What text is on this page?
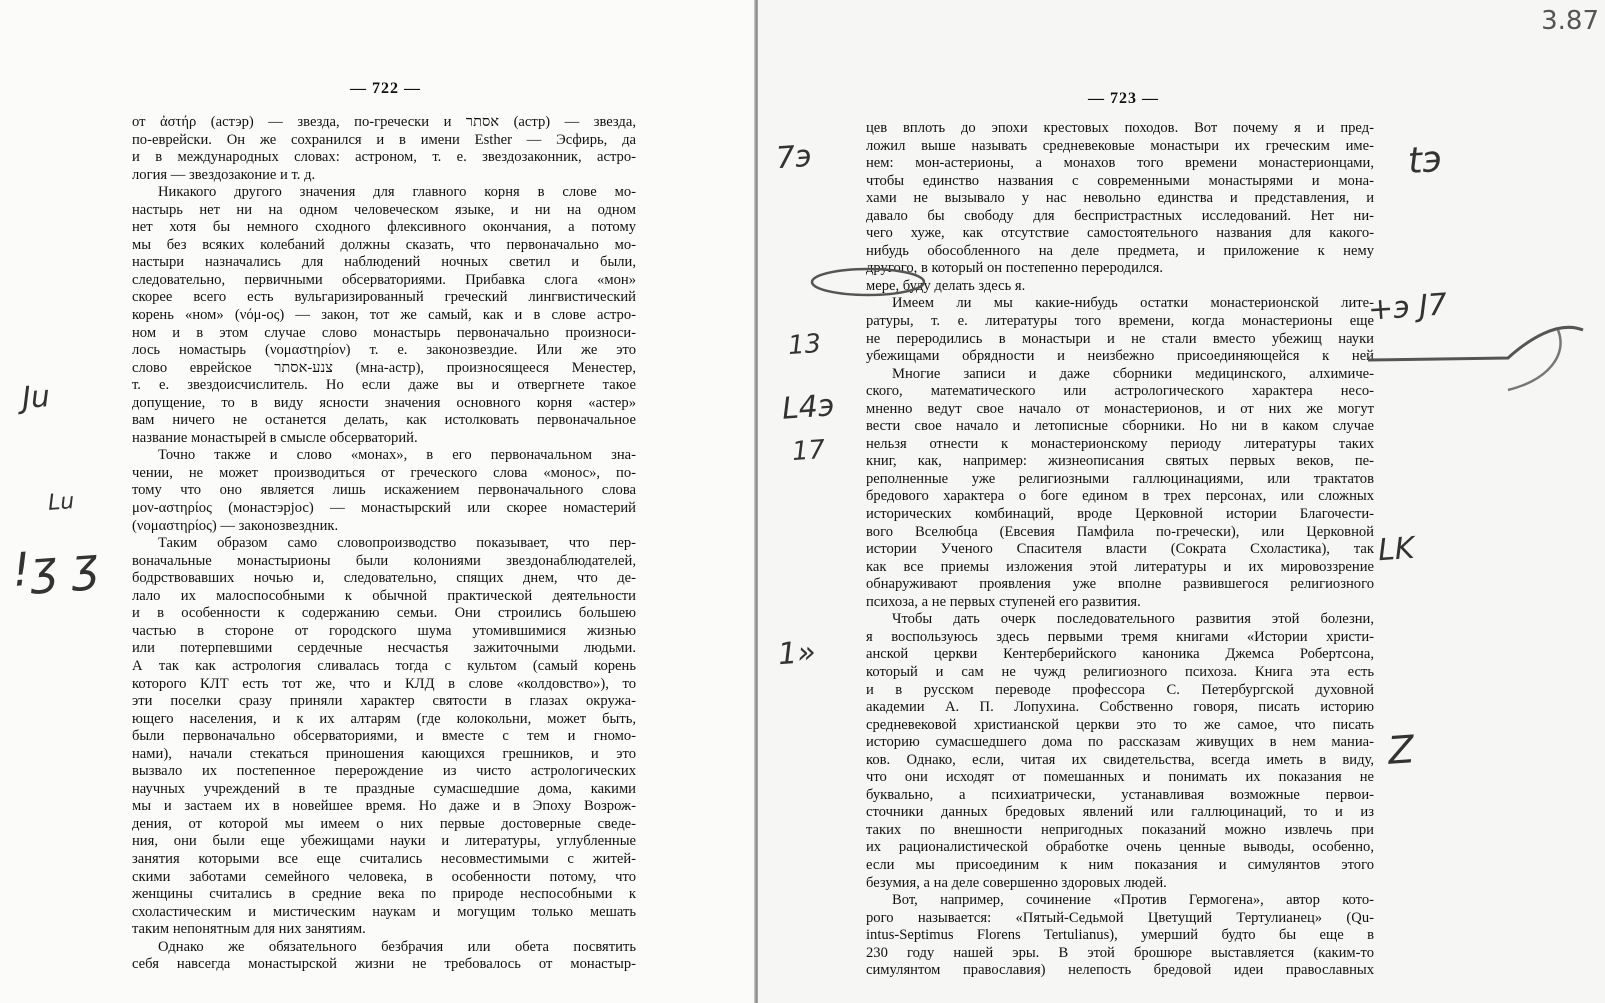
— 722 —
от ἀστήρ (астэр) — звезда, по-гречески и אסתר (астр) — звезда,
по-еврейски. Он же сохранился и в имени Esther — Эсфирь, да
и в международных словах: астроном, т. е. звездозаконник, астро-
логия — звездозаконие и т. д.
Никакого другого значения для главного корня в слове мо-
настырь нет ни на одном человеческом языке, и ни на одном
нет хотя бы немного сходного флексивного окончания, а потому
мы без всяких колебаний должны сказать, что первоначально мо-
настыри назначались для наблюдений ночных светил и были,
следовательно, первичными обсерваториями. Прибавка слога «мон»
скорее всего есть вульгаризированный греческий лингвистический
корень «ном» (νόμ-ος) — закон, тот же самый, как и в слове астро-
ном и в этом случае слово монастырь первоначально произноси-
лось номастырь (νομαστηρίον) т. е. законозвездие. Или же это
слово еврейское צנע-אסתר (мна-астр), произносящееся Менестер,
т. е. звездоисчислитель. Но если даже вы и отвергнете такое
допущение, то в виду ясности значения основного корня «астер»
вам ничего не останется делать, как истолковать первоначальное
название монастырей в смысле обсерваторий.
Точно также и слово «монах», в его первоначальном зна-
чении, не может производиться от греческого слова «монос», по-
тому что оно является лишь искажением первоначального слова
μον-αστηρίος (монастэрjос) — монастырский или скорее номастерий
(νομαστηρίος) — законозвездник.
Таким образом само словопроизводство показывает, что пер-
воначальные монастырионы были колониями звездонаблюдателей,
бодрствовавших ночью и, следовательно, спящих днем, что де-
лало их малоспособными к обычной практической деятельности
и в особенности к содержанию семьи. Они строились большею
частью в стороне от городского шума утомившимися жизнью
или потерпевшими сердечные несчастья зажиточными людьми.
А так как астрология сливалась тогда с культом (самый корень
которого КЛТ есть тот же, что и КЛД в слове «колдовство»), то
эти поселки сразу приняли характер святости в глазах окружа-
ющего населения, и к их алтарям (где колокольни, может быть,
были первоначально обсерваториями, и вместе с тем и гномо-
нами), начали стекаться приношения кающихся грешников, и это
вызвало их постепенное перерождение из чисто астрологических
научных учреждений в те праздные сумасшедшие дома, какими
мы и застаем их в новейшее время. Но даже и в Эпоху Возрож-
дения, от которой мы имеем о них первые достоверные сведе-
ния, они были еще убежищами науки и литературы, углубленные
занятия которыми все еще считались несовместимыми с житей-
скими заботами семейного человека, в особенности потому, что
женщины считались в средние века по природе неспособными к
схоластическим и мистическим наукам и могущим только мешать
таким непонятным для них занятиям.
Однако же обязательного безбрачия или обета посвятить
себя навсегда монастырской жизни не требовалось от монастыр-
Ju
Lu
!ʒ ʒ
— 723 —
цев вплоть до эпохи крестовых походов. Вот почему я и пред-
ложил выше называть средневековые монастыри их греческим име-
нем: мон-астерионы, а монахов того времени монастерионцами,
чтобы единство названия с современными монастырями и мона-
хами не вызывало у нас невольно единства и представления, и
давало бы свободу для беспристрастных исследований. Нет ни-
чего хуже, как отсутствие самостоятельного названия для какого-
нибудь обособленного на деле предмета, и приложение к нему
другого, в который он постепенно переродился.
мере, буду делать здесь я.
Имеем ли мы какие-нибудь остатки монастерионской лите-
ратуры, т. е. литературы того времени, когда монастерионы еще
не переродились в монастыри и не стали вместо убежищ науки
убежищами обрядности и неизбежно присоединяющейся к ней
Многие записи и даже сборники медицинского, алхимиче-
ского, математического или астрологического характера несо-
мненно ведут свое начало от монастерионов, и от них же могут
вести свое начало и летописные сборники. Но ни в каком случае
нельзя отнести к монастерионскому периоду литературы таких
книг, как, например: жизнеописания святых первых веков, пе-
реполненные уже религиозными галлюцинациями, или трактатов
бредового характера о боге едином в трех персонах, или сложных
исторических комбинаций, вроде Церковной истории Благочести-
вого Вселюбца (Евсевия Памфила по-гречески), или Церковной
истории Ученого Спасителя власти (Сократа Схоластика), так
как все приемы изложения этой литературы и их мировоззрение
обнаруживают проявления уже вполне развившегося религиозного
психоза, а не первых ступеней его развития.
Чтобы дать очерк последовательного развития этой болезни,
я воспользуюсь здесь первыми тремя книгами «Истории христи-
анской церкви Кентерберийского каноника Джемса Робертсона,
который и сам не чужд религиозного психоза. Книга эта есть
и в русском переводе профессора С. Петербургской духовной
академии А. П. Лопухина. Собственно говоря, писать историю
средневековой христианской церкви это то же самое, что писать
историю сумасшедшего дома по рассказам живущих в нем маниа-
ков. Однако, если, читая их свидетельства, всегда иметь в виду,
что они исходят от помешанных и понимать их показания не
буквально, а психиатрически, устанавливая возможные первои-
сточники данных бредовых явлений или галлюцинаций, то и из
таких по внешности непригодных показаний можно извлечь при
их рационалистической обработке очень ценные выводы, особенно,
если мы присоединим к ним показания и симулянтов этого
безумия, а на деле совершенно здоровых людей.
Вот, например, сочинение «Против Гермогена», автор кото-
рого называется: «Пятый-Седьмой Цветущий Тертулианец» (Qu-
intus-Septimus Florens Tertulianus), умерший будто бы еще в
230 году нашей эры. В этой брошюре выставляется (каким-то
симулянтом православия) нелепость бредовой идеи православных
7э	tэ
+э J7
13
L4э
17
LK
1»
Z
3.87
